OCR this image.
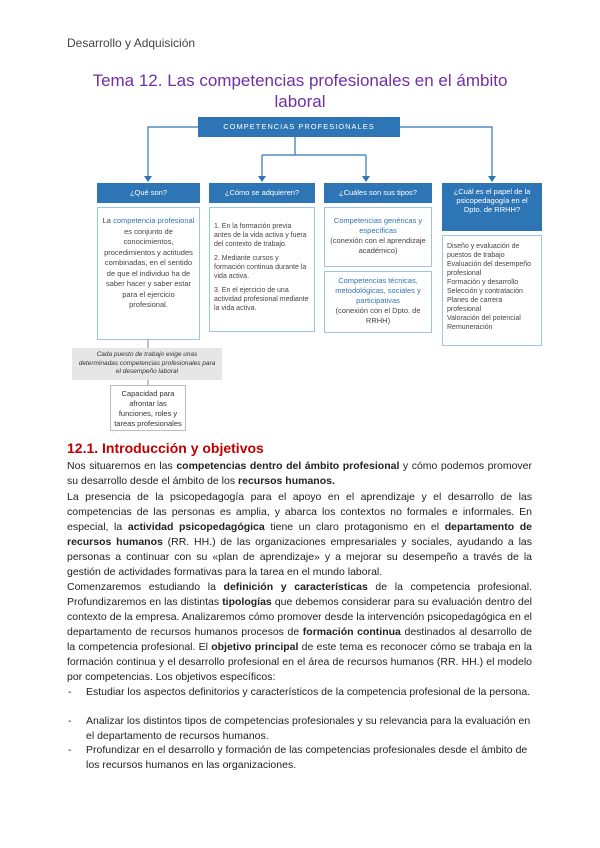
Desarrollo y Adquisición
Tema 12. Las competencias profesionales en el ámbito laboral
COMPETENCIAS PROFESIONALES
¿Qué son?
La competencia profesional es conjunto de conocimientos, procedimientos y actitudes combinadas, en el sentido de que el individuo ha de saber hacer y saber estar para el ejercicio profesional.
¿Cómo se adquieren?
1. En la formación previa antes de la vida activa y fuera del contexto de trabajo.
2. Mediante cursos y formación continua durante la vida activa.
3. En el ejercicio de una actividad profesional mediante la vida activa.
¿Cuáles son sus tipos?
Competencias genéricas y específicas
(conexión con el aprendizaje académico)
Competencias técnicas, metodológicas, sociales y participativas
(conexión con el Dpto. de RRHH)
¿Cuál es el papel de la psicopedagogía en el Dpto. de RRHH?
Diseño y evaluación de puestos de trabajo
Evaluación del desempeño profesional
Formación y desarrollo
Selección y contratación
Planes de carrera profesional
Valoración del potencial
Remuneración
Cada puesto de trabajo exige unas determinadas competencias profesionales para el desempeño laboral
Capacidad para afrontar las funciones, roles y tareas profesionales
12.1. Introducción y objetivos
Nos situaremos en las competencias dentro del ámbito profesional y cómo podemos promover su desarrollo desde el ámbito de los recursos humanos.
La presencia de la psicopedagogía para el apoyo en el aprendizaje y el desarrollo de las competencias de las personas es amplia, y abarca los contextos no formales e informales. En especial, la actividad psicopedagógica tiene un claro protagonismo en el departamento de recursos humanos (RR. HH.) de las organizaciones empresariales y sociales, ayudando a las personas a continuar con su «plan de aprendizaje» y a mejorar su desempeño a través de la gestión de actividades formativas para la tarea en el mundo laboral.
Comenzaremos estudiando la definición y características de la competencia profesional. Profundizaremos en las distintas tipologías que debemos considerar para su evaluación dentro del contexto de la empresa. Analizaremos cómo promover desde la intervención psicopedagógica en el departamento de recursos humanos procesos de formación continua destinados al desarrollo de la competencia profesional. El objetivo principal de este tema es reconocer cómo se trabaja en la formación continua y el desarrollo profesional en el área de recursos humanos (RR. HH.) el modelo por competencias. Los objetivos específicos:
- Estudiar los aspectos definitorios y característicos de la competencia profesional de la persona.
- Analizar los distintos tipos de competencias profesionales y su relevancia para la evaluación en el departamento de recursos humanos.
- Profundizar en el desarrollo y formación de las competencias profesionales desde el ámbito de los recursos humanos en las organizaciones.
